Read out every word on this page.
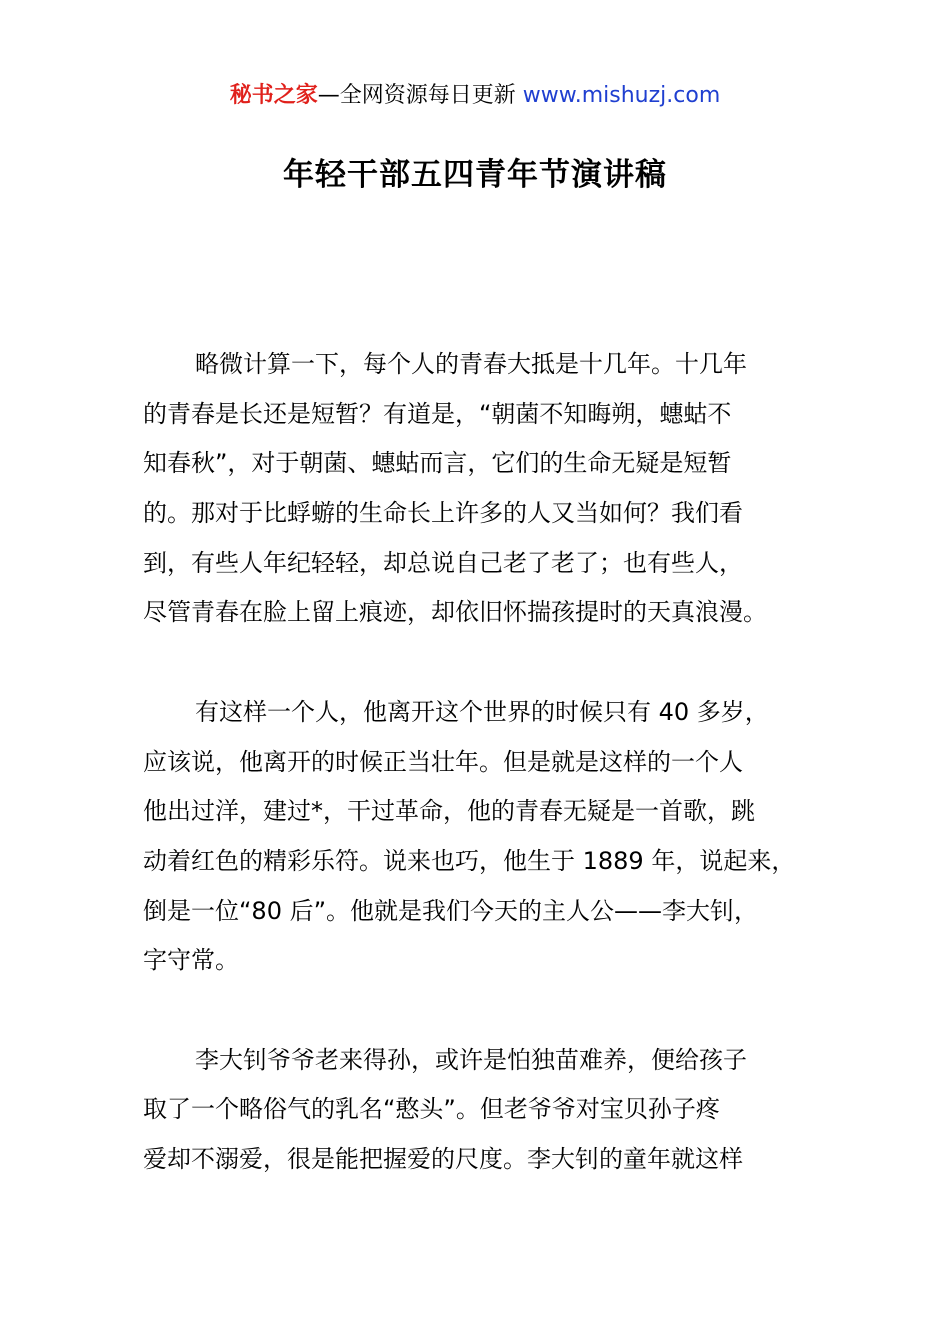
秘书之家—全网资源每日更新 www.mishuzj.com
年轻干部五四青年节演讲稿
略微计算一下，每个人的青春大抵是十几年。十几年
的青春是长还是短暂？有道是，“朝菌不知晦朔，蟪蛄不
知春秋”，对于朝菌、蟪蛄而言，它们的生命无疑是短暂
的。那对于比蜉蝣的生命长上许多的人又当如何？我们看
到，有些人年纪轻轻，却总说自己老了老了；也有些人，
尽管青春在脸上留上痕迹，却依旧怀揣孩提时的天真浪漫。
有这样一个人，他离开这个世界的时候只有 40 多岁，
应该说，他离开的时候正当壮年。但是就是这样的一个人
他出过洋，建过*，干过革命，他的青春无疑是一首歌，跳
动着红色的精彩乐符。说来也巧，他生于 1889 年，说起来，
倒是一位“80 后”。他就是我们今天的主人公——李大钊，
字守常。
李大钊爷爷老来得孙，或许是怕独苗难养，便给孩子
取了一个略俗气的乳名“憨头”。但老爷爷对宝贝孙子疼
爱却不溺爱，很是能把握爱的尺度。李大钊的童年就这样
